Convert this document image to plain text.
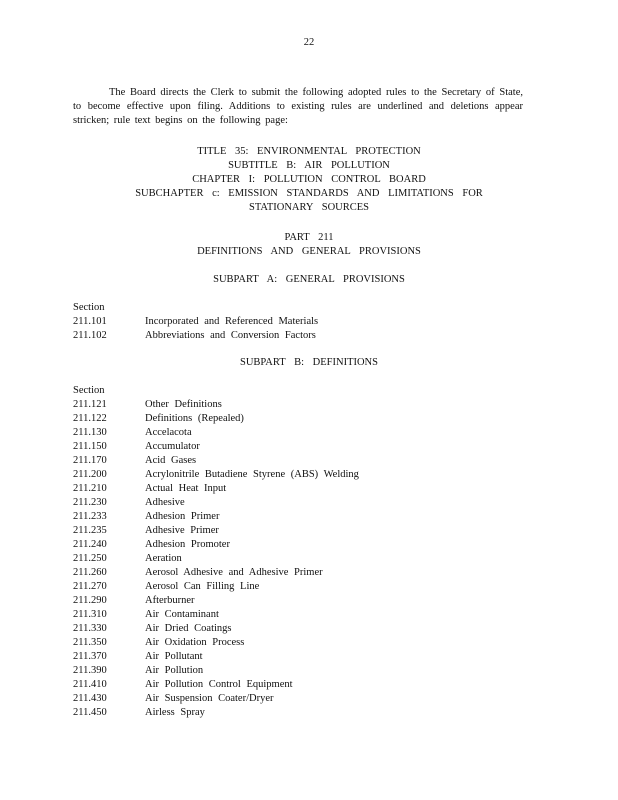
22

The Board directs the Clerk to submit the following adopted rules to the Secretary of State, to become effective upon filing. Additions to existing rules are underlined and deletions appear stricken; rule text begins on the following page:

TITLE 35: ENVIRONMENTAL PROTECTION
SUBTITLE B: AIR POLLUTION
CHAPTER I: POLLUTION CONTROL BOARD
SUBCHAPTER c: EMISSION STANDARDS AND LIMITATIONS FOR
STATIONARY SOURCES
PART 211
DEFINITIONS AND GENERAL PROVISIONS
SUBPART A: GENERAL PROVISIONS
Section
211.101	Incorporated and Referenced Materials
211.102	Abbreviations and Conversion Factors
SUBPART B: DEFINITIONS
Section
211.121	Other Definitions
211.122	Definitions (Repealed)
211.130	Accelacota
211.150	Accumulator
211.170	Acid Gases
211.200	Acrylonitrile Butadiene Styrene (ABS) Welding
211.210	Actual Heat Input
211.230	Adhesive
211.233	Adhesion Primer
211.235	Adhesive Primer
211.240	Adhesion Promoter
211.250	Aeration
211.260	Aerosol Adhesive and Adhesive Primer
211.270	Aerosol Can Filling Line
211.290	Afterburner
211.310	Air Contaminant
211.330	Air Dried Coatings
211.350	Air Oxidation Process
211.370	Air Pollutant
211.390	Air Pollution
211.410	Air Pollution Control Equipment
211.430	Air Suspension Coater/Dryer
211.450	Airless Spray
